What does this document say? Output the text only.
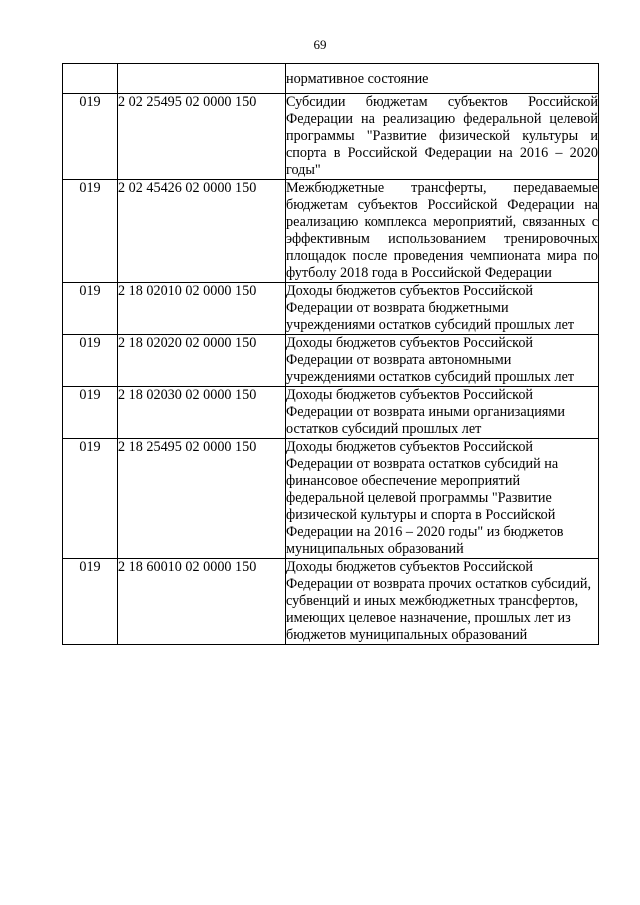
69
		нормативное состояние
019	2 02 25495 02 0000 150	Субсидии бюджетам субъектов Российской Федерации на реализацию федеральной целевой программы "Развитие физической культуры и спорта в Российской Федерации на 2016 – 2020 годы"
019	2 02 45426 02 0000 150	Межбюджетные трансферты, передаваемые бюджетам субъектов Российской Федерации на реализацию комплекса мероприятий, связанных с эффективным использованием тренировочных площадок после проведения чемпионата мира по футболу 2018 года в Российской Федерации
019	2 18 02010 02 0000 150	Доходы бюджетов субъектов Российской Федерации от возврата бюджетными учреждениями остатков субсидий прошлых лет
019	2 18 02020 02 0000 150	Доходы бюджетов субъектов Российской Федерации от возврата автономными учреждениями остатков субсидий прошлых лет
019	2 18 02030 02 0000 150	Доходы бюджетов субъектов Российской Федерации от возврата иными организациями остатков субсидий прошлых лет
019	2 18 25495 02 0000 150	Доходы бюджетов субъектов Российской Федерации от возврата остатков субсидий на финансовое обеспечение мероприятий федеральной целевой программы "Развитие физической культуры и спорта в Российской Федерации на 2016 – 2020 годы" из бюджетов муниципальных образований
019	2 18 60010 02 0000 150	Доходы бюджетов субъектов Российской Федерации от возврата прочих остатков субсидий, субвенций и иных межбюджетных трансфертов, имеющих целевое назначение, прошлых лет из бюджетов муниципальных образований
